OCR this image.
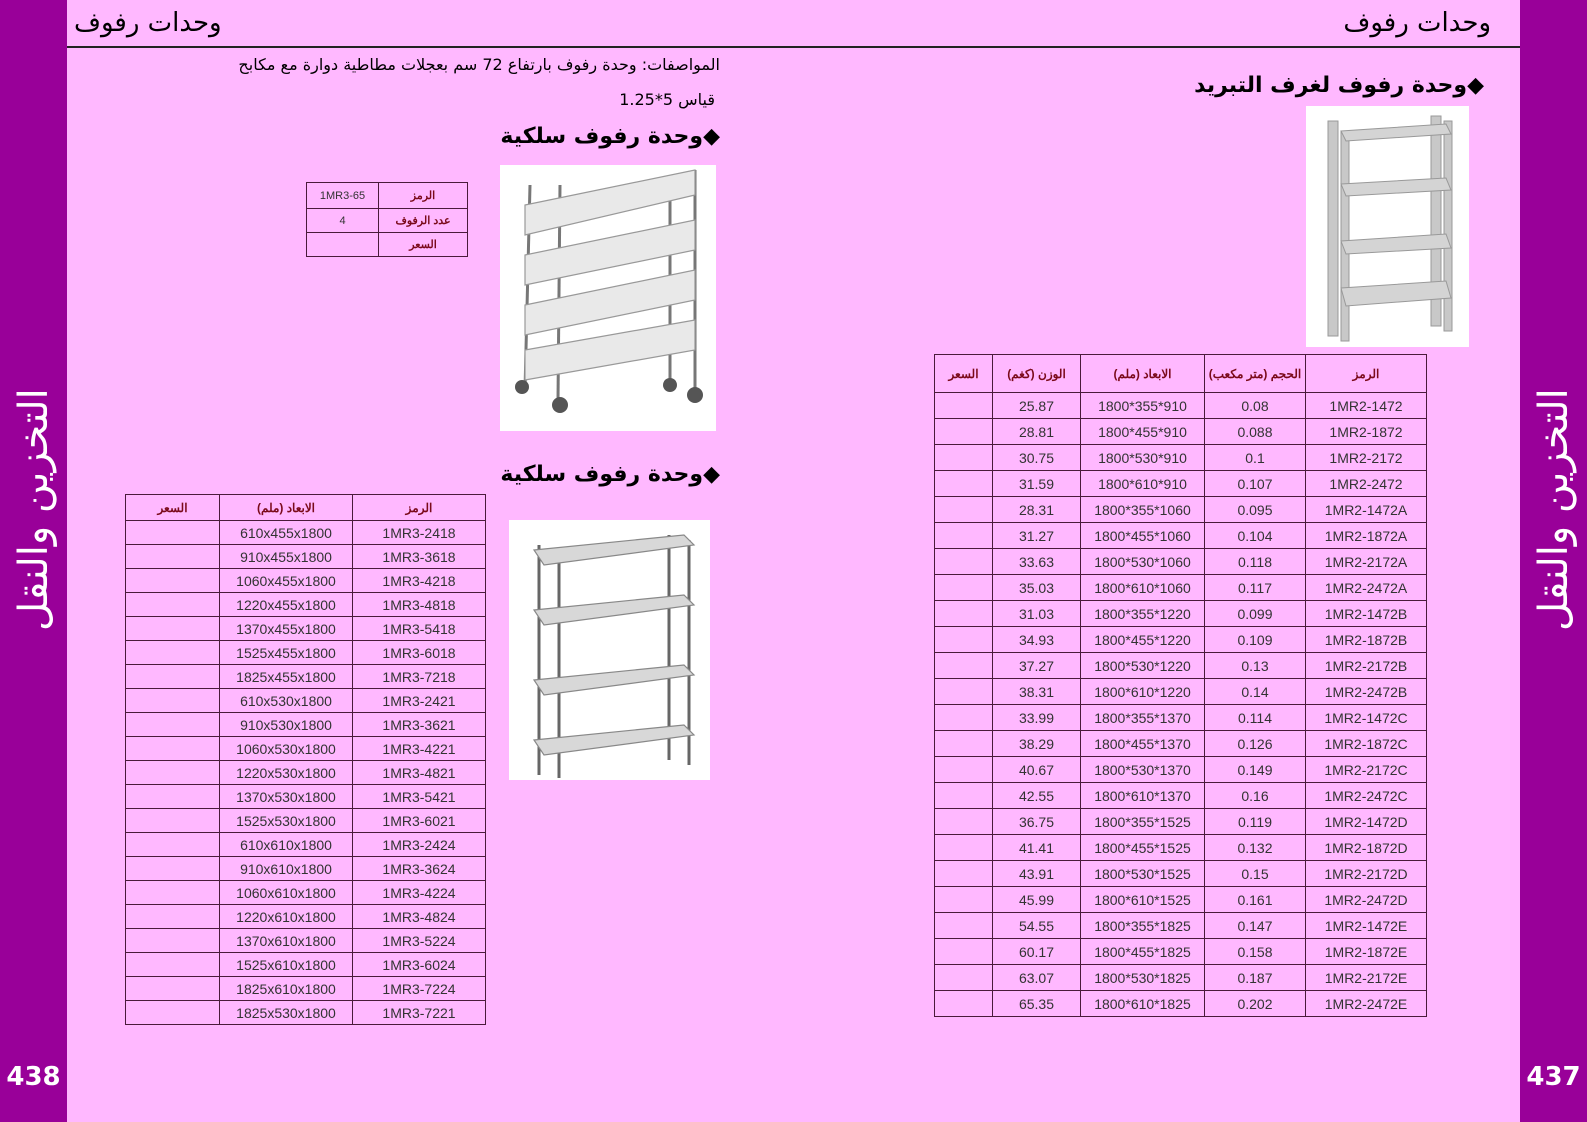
التخزين والنقل
438
التخزين والنقل
437
وحدات رفوف	وحدات رفوف
المواصفات: وحدة رفوف بارتفاع 72 سم بعجلات مطاطية دوارة مع مكابح
قياس 5*1.25
◆وحدة رفوف سلكية
الرمز	1MR3-65
عدد الرفوف	4
السعر	
◆وحدة رفوف سلكية
الرمز	الابعاد (ملم)	السعر
1MR3-2418	610x455x1800	
1MR3-3618	910x455x1800	
1MR3-4218	1060x455x1800	
1MR3-4818	1220x455x1800	
1MR3-5418	1370x455x1800	
1MR3-6018	1525x455x1800	
1MR3-7218	1825x455x1800	
1MR3-2421	610x530x1800	
1MR3-3621	910x530x1800	
1MR3-4221	1060x530x1800	
1MR3-4821	1220x530x1800	
1MR3-5421	1370x530x1800	
1MR3-6021	1525x530x1800	
1MR3-2424	610x610x1800	
1MR3-3624	910x610x1800	
1MR3-4224	1060x610x1800	
1MR3-4824	1220x610x1800	
1MR3-5224	1370x610x1800	
1MR3-6024	1525x610x1800	
1MR3-7224	1825x610x1800	
1MR3-7221	1825x530x1800	
◆وحدة رفوف لغرف التبريد
الرمز	الحجم (متر مكعب)	الابعاد (ملم)	الوزن (كغم)	السعر
1MR2-1472	0.08	910*355*1800	25.87	
1MR2-1872	0.088	910*455*1800	28.81	
1MR2-2172	0.1	910*530*1800	30.75	
1MR2-2472	0.107	910*610*1800	31.59	
1MR2-1472A	0.095	1060*355*1800	28.31	
1MR2-1872A	0.104	1060*455*1800	31.27	
1MR2-2172A	0.118	1060*530*1800	33.63	
1MR2-2472A	0.117	1060*610*1800	35.03	
1MR2-1472B	0.099	1220*355*1800	31.03	
1MR2-1872B	0.109	1220*455*1800	34.93	
1MR2-2172B	0.13	1220*530*1800	37.27	
1MR2-2472B	0.14	1220*610*1800	38.31	
1MR2-1472C	0.114	1370*355*1800	33.99	
1MR2-1872C	0.126	1370*455*1800	38.29	
1MR2-2172C	0.149	1370*530*1800	40.67	
1MR2-2472C	0.16	1370*610*1800	42.55	
1MR2-1472D	0.119	1525*355*1800	36.75	
1MR2-1872D	0.132	1525*455*1800	41.41	
1MR2-2172D	0.15	1525*530*1800	43.91	
1MR2-2472D	0.161	1525*610*1800	45.99	
1MR2-1472E	0.147	1825*355*1800	54.55	
1MR2-1872E	0.158	1825*455*1800	60.17	
1MR2-2172E	0.187	1825*530*1800	63.07	
1MR2-2472E	0.202	1825*610*1800	65.35	
